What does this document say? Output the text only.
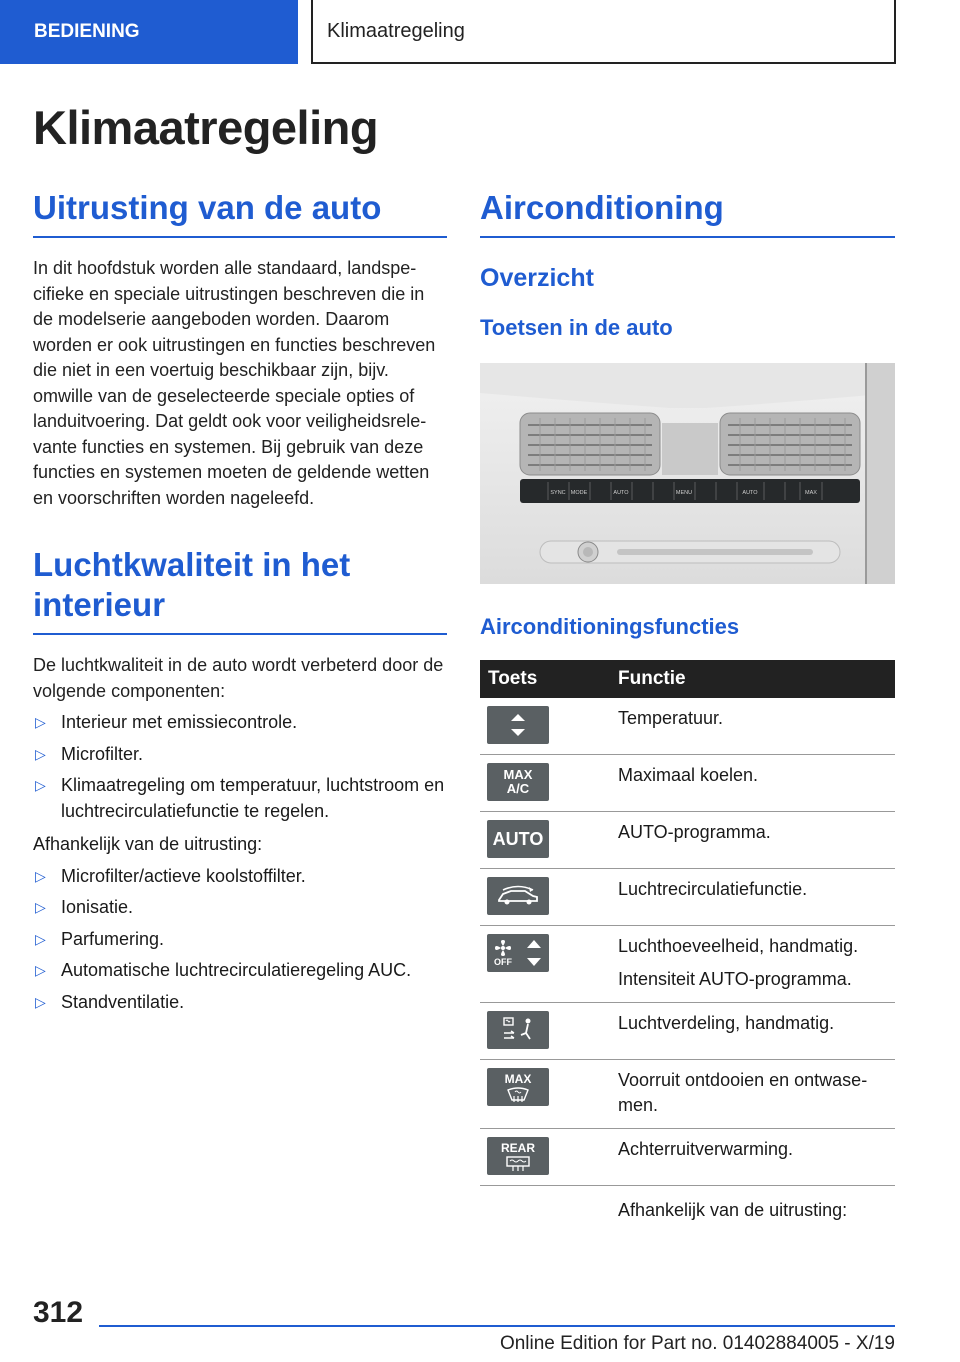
BEDIENING	Klimaatregeling
Klimaatregeling
Uitrusting van de auto

In dit hoofdstuk worden alle standaard, landspecifieke en speciale uitrustingen beschreven die in de modelserie aangeboden worden. Daarom worden er ook uitrustingen en functies beschreven die niet in een voertuig beschikbaar zijn, bijv. omwille van de geselecteerde speciale opties of landuitvoering. Dat geldt ook voor veiligheidsrelevante functies en systemen. Bij gebruik van deze functies en systemen moeten de geldende wetten en voorschriften worden nageleefd.

Luchtkwaliteit in het interieur

De luchtkwaliteit in de auto wordt verbeterd door de volgende componenten:

▷ Interieur met emissiecontrole.
▷ Microfilter.
▷ Klimaatregeling om temperatuur, luchtstroom en luchtrecirculatiefunctie te regelen.
Afhankelijk van de uitrusting:
▷ Microfilter/actieve koolstoffilter.
▷ Ionisatie.
▷ Parfumering.
▷ Automatische luchtrecirculatieregeling AUC.
▷ Standventilatie.
Airconditioning
Overzicht
Toetsen in de auto
SYNC MODE	AUTO	MENU	AUTO	MAX
Airconditioningsfuncties
Toets	Functie

	Temperatuur.

MAX
A/C	Maximaal koelen.

AUTO	AUTO-programma.

	Luchtrecirculatiefunctie.

OFF	Luchthoeveelheid, handmatig.

Intensiteit AUTO-programma.

	Luchtverdeling, handmatig.

MAX	Voorruit ontdooien en ontwasemen.

REAR	Achterruitverwarming.
	Afhankelijk van de uitrusting:
312
Online Edition for Part no. 01402884005 - X/19
